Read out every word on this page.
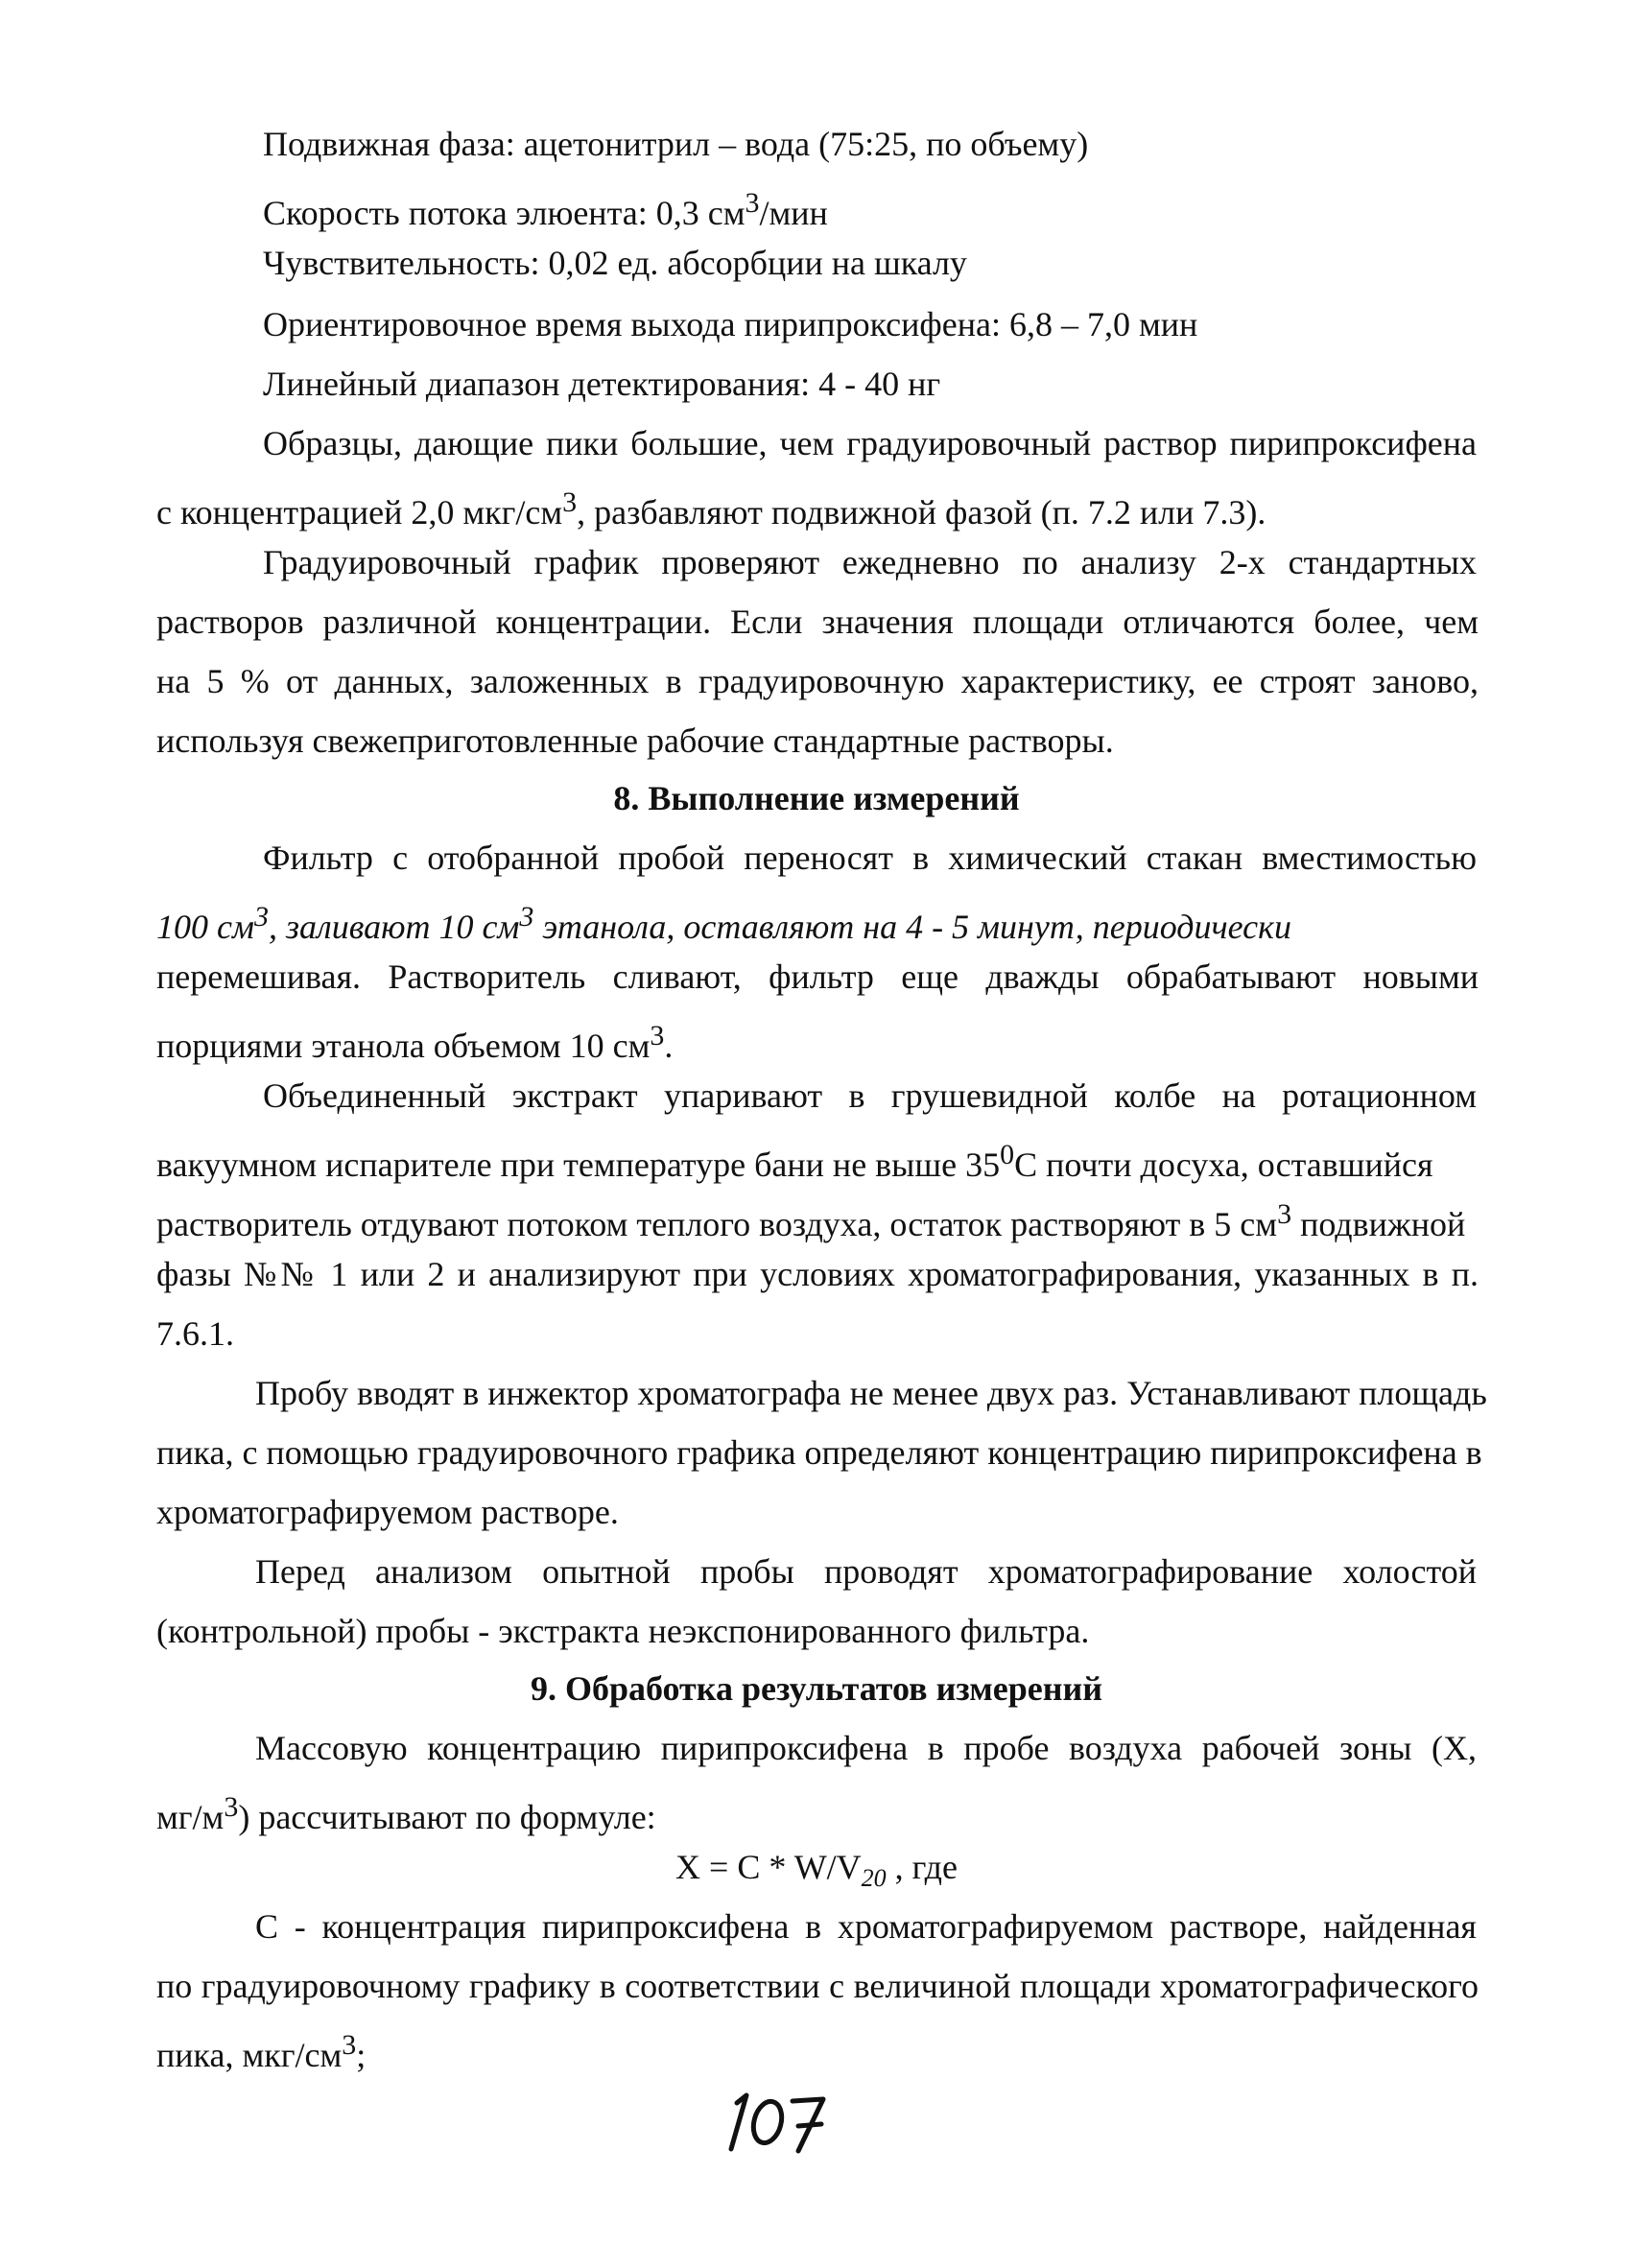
Подвижная фаза: ацетонитрил – вода (75:25, по объему)
Скорость потока элюента: 0,3 $см^3$/мин
Чувствительность: 0,02 ед. абсорбции на шкалу
Ориентировочное время выхода пирипроксифена: 6,8 – 7,0 мин
Линейный диапазон детектирования: 4 - 40 нг
Образцы, дающие пики большие, чем градуировочный раствор пирипроксифена
с концентрацией 2,0 мкг/$см^3$, разбавляют подвижной фазой (п. 7.2 или 7.3).
Градуировочный график проверяют ежедневно по анализу 2-х стандартных
растворов различной концентрации. Если значения площади отличаются более, чем
на 5 % от данных, заложенных в градуировочную характеристику, ее строят заново,
используя свежеприготовленные рабочие стандартные растворы.
8. Выполнение измерений
Фильтр с отобранной пробой переносят в химический стакан вместимостью
100 $см^3$, заливают 10 $см^3$ этанола, оставляют на 4 - 5 минут, периодически
перемешивая. Растворитель сливают, фильтр еще дважды обрабатывают новыми
порциями этанола объемом 10 $см^3$.
Объединенный экстракт упаривают в грушевидной колбе на ротационном
вакуумном испарителе при температуре бани не выше $35^0С$ почти досуха, оставшийся
растворитель отдувают потоком теплого воздуха, остаток растворяют в 5 $см^3$ подвижной
фазы №№ 1 или 2 и анализируют при условиях хроматографирования, указанных в п.
7.6.1.
Пробу вводят в инжектор хроматографа не менее двух раз. Устанавливают площадь
пика, с помощью градуировочного графика определяют концентрацию пирипроксифена в
хроматографируемом растворе.
Перед анализом опытной пробы проводят хроматографирование холостой
(контрольной) пробы - экстракта неэкспонированного фильтра.
9. Обработка результатов измерений
Массовую концентрацию пирипроксифена в пробе воздуха рабочей зоны (X,
$мг/м^3$) рассчитывают по формуле:
$X = C * W/V_{20}$ , где
C - концентрация пирипроксифена в хроматографируемом растворе, найденная
по градуировочному графику в соответствии с величиной площади хроматографического
пика, мкг/$см^3$;
